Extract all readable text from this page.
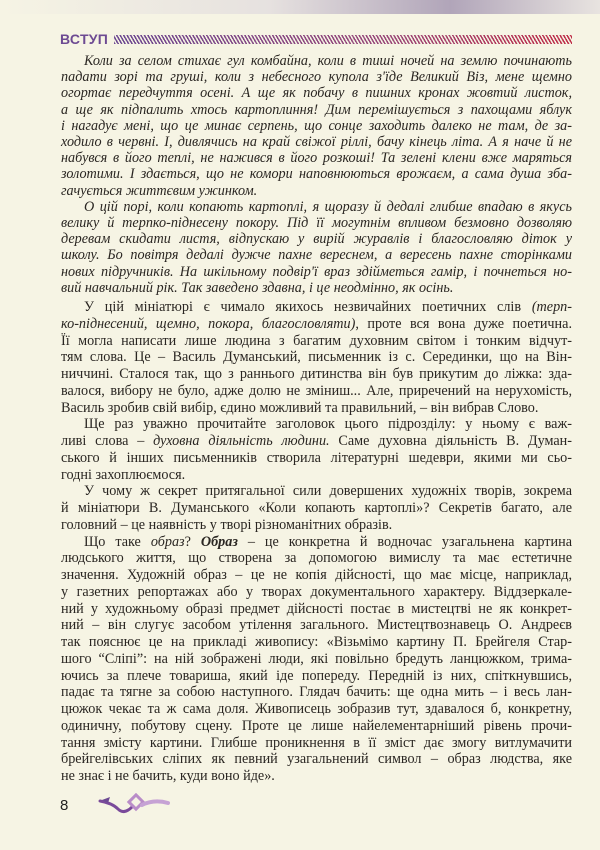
ВСТУП
Коли за селом стихає гул комбайна, коли в тиші ночей на землю починають
падати зорі та груші, коли з небесного купола з'їде Великий Віз, мене щемно
огортає передчуття осені. А ще як побачу в пишних кронах жовтий листок,
а ще як підпалить хтось картоплиння! Дим перемішується з пахощами яблук
і нагадує мені, що це минає серпень, що сонце заходить далеко не там, де за-
ходило в червні. І, дивлячись на край свіжої ріллі, бачу кінець літа. А я наче й не
набувся в його теплі, не нажився в його розкоші! Та зелені клени вже маряться
золотими. І здається, що не комори наповнюються врожаєм, а сама душа зба-
гачується життєвим ужинком.
О цій порі, коли копають картоплі, я щоразу й дедалі глибше впадаю в якусь
велику й терпко-піднесену покору. Під її могутнім впливом безмовно дозволяю
деревам скидати листя, відпускаю у вирій журавлів і благословляю діток у
школу. Бо повітря дедалі дужче пахне вереснем, а вересень пахне сторінками
нових підручників. На шкільному подвір'ї враз здійметься гамір, і почнеться но-
вий навчальний рік. Так заведено здавна, і це неодмінно, як осінь.
У цій мініатюрі є чимало якихось незвичайних поетичних слів (терп-
ко-піднесений, щемно, покора, благословляти), проте вся вона дуже поетична.
Її могла написати лише людина з багатим духовним світом і тонким відчут-
тям слова. Це – Василь Думанський, письменник із с. Серединки, що на Він-
ниччині. Сталося так, що з раннього дитинства він був прикутим до ліжка: зда-
валося, вибору не було, адже долю не зміниш... Але, приречений на нерухомість,
Василь зробив свій вибір, єдино можливий та правильний, – він вибрав Слово.
Ще раз уважно прочитайте заголовок цього підрозділу: у ньому є важ-
ливі слова – духовна діяльність людини. Саме духовна діяльність В. Думан-
ського й інших письменників створила літературні шедеври, якими ми сьо-
годні захоплюємося.
У чому ж секрет притягальної сили довершених художніх творів, зокрема
й мініатюри В. Думанського «Коли копають картоплі»? Секретів багато, але
головний – це наявність у творі різноманітних образів.
Що таке образ? Образ – це конкретна й водночас узагальнена картина
людського життя, що створена за допомогою вимислу та має естетичне
значення. Художній образ – це не копія дійсності, що має місце, наприклад,
у газетних репортажах або у творах документального характеру. Віддзеркале-
ний у художньому образі предмет дійсності постає в мистецтві не як конкрет-
ний – він слугує засобом утілення загального. Мистецтвознавець О. Андреєв
так пояснює це на прикладі живопису: «Візьмімо картину П. Брейгеля Стар-
шого “Сліпі”: на ній зображені люди, які повільно бредуть ланцюжком, трима-
ючись за плече товариша, який іде попереду. Передній із них, спіткнувшись,
падає та тягне за собою наступного. Глядач бачить: ще одна мить – і весь лан-
цюжок чекає та ж сама доля. Живописець зобразив тут, здавалося б, конкретну,
одиничну, побутову сцену. Проте це лише найелементарніший рівень прочи-
тання змісту картини. Глибше проникнення в її зміст дає змогу витлумачити
брейгелівських сліпих як певний узагальнений символ – образ людства, яке
не знає і не бачить, куди воно йде».
8
